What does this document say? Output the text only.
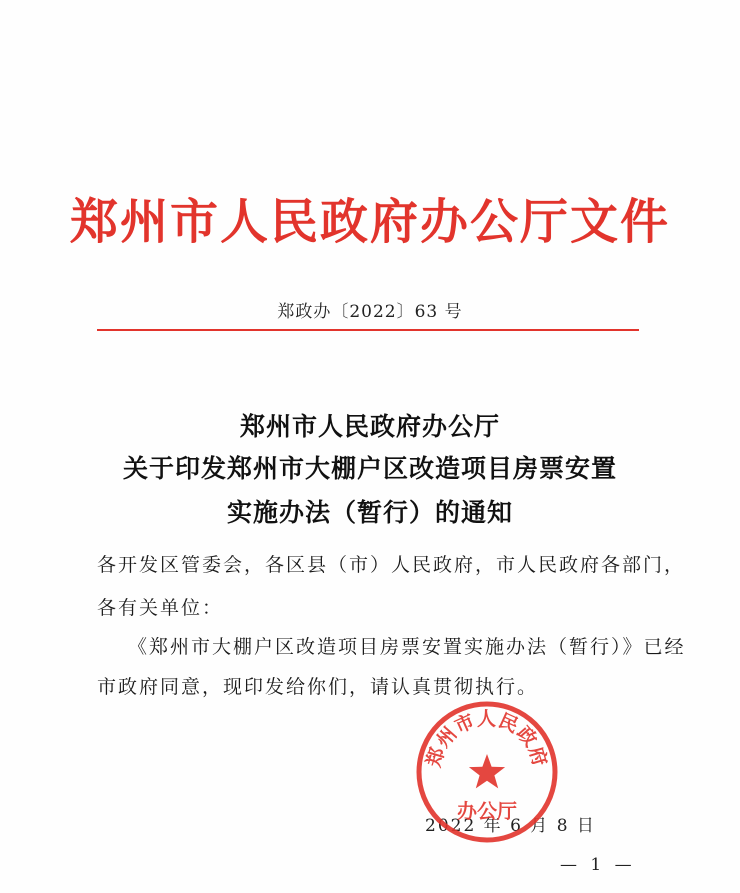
郑州市人民政府办公厅文件
郑政办〔2022〕63 号
郑州市人民政府办公厅
关于印发郑州市大棚户区改造项目房票安置
实施办法（暂行）的通知
各开发区管委会，各区县（市）人民政府，市人民政府各部门，
各有关单位：
《郑州市大棚户区改造项目房票安置实施办法（暂行）》已经
市政府同意，现印发给你们，请认真贯彻执行。
2022 年 6 月 8 日
郑州市人民政府
办公厅
— 1 —
